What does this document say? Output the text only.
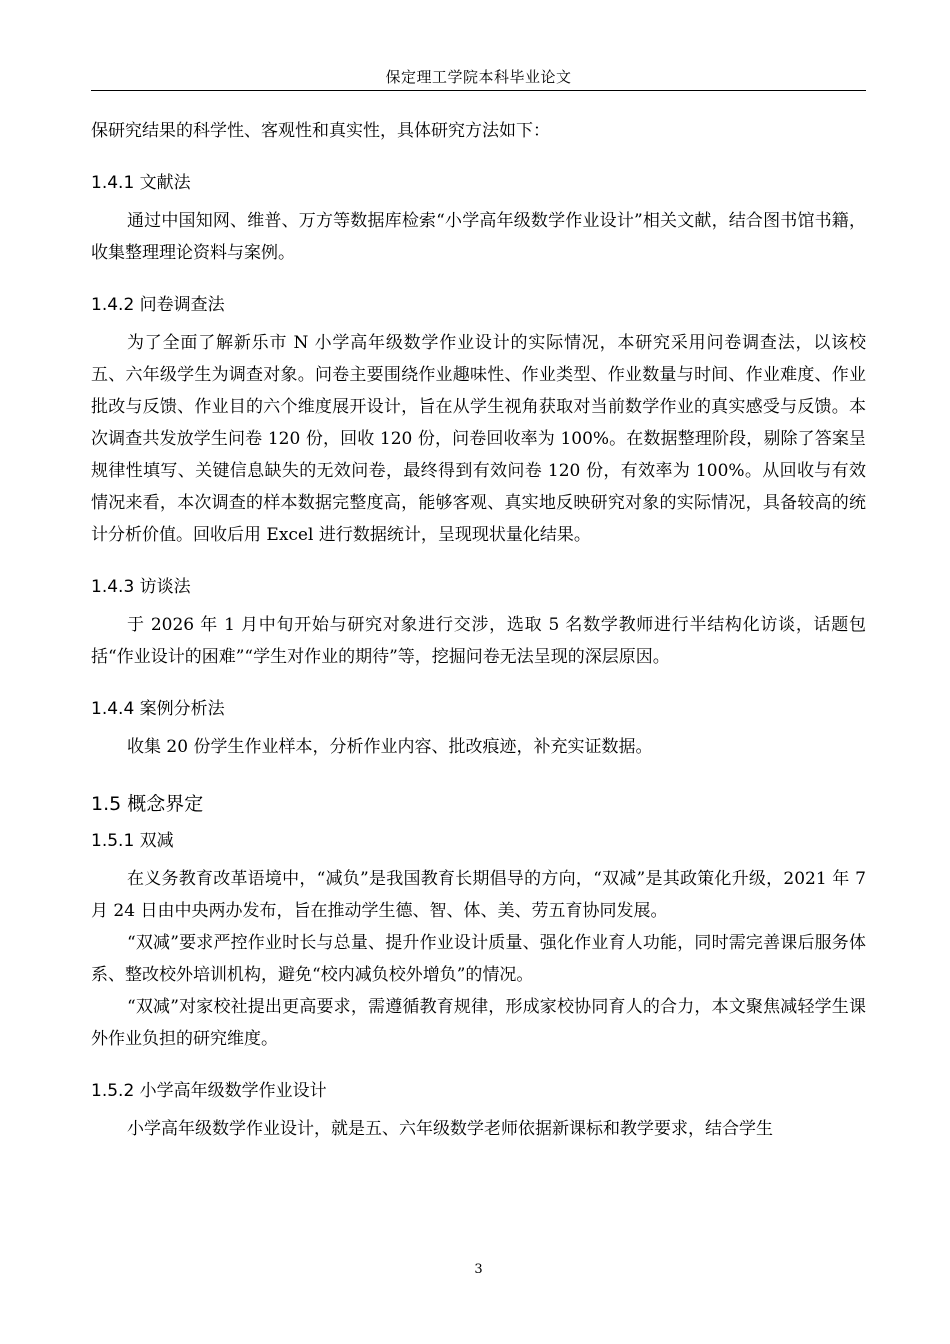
保定理工学院本科毕业论文

保研究结果的科学性、客观性和真实性，具体研究方法如下：

1.4.1 文献法

通过中国知网、维普、万方等数据库检索“小学高年级数学作业设计”相关文献，结合图书馆书籍，收集整理理论资料与案例。

1.4.2 问卷调查法

为了全面了解新乐市 N 小学高年级数学作业设计的实际情况，本研究采用问卷调查法，以该校五、六年级学生为调查对象。问卷主要围绕作业趣味性、作业类型、作业数量与时间、作业难度、作业批改与反馈、作业目的六个维度展开设计，旨在从学生视角获取对当前数学作业的真实感受与反馈。本次调查共发放学生问卷 120 份，回收 120 份，问卷回收率为 100%。在数据整理阶段，剔除了答案呈规律性填写、关键信息缺失的无效问卷，最终得到有效问卷 120 份，有效率为 100%。从回收与有效情况来看，本次调查的样本数据完整度高，能够客观、真实地反映研究对象的实际情况，具备较高的统计分析价值。回收后用 Excel 进行数据统计，呈现现状量化结果。

1.4.3 访谈法

于 2026 年 1 月中旬开始与研究对象进行交涉，选取 5 名数学教师进行半结构化访谈，话题包括“作业设计的困难”“学生对作业的期待”等，挖掘问卷无法呈现的深层原因。

1.4.4 案例分析法

收集 20 份学生作业样本，分析作业内容、批改痕迹，补充实证数据。

1.5 概念界定
1.5.1 双减

在义务教育改革语境中，“减负”是我国教育长期倡导的方向，“双减”是其政策化升级，2021 年 7 月 24 日由中央两办发布，旨在推动学生德、智、体、美、劳五育协同发展。

“双减”要求严控作业时长与总量、提升作业设计质量、强化作业育人功能，同时需完善课后服务体系、整改校外培训机构，避免“校内减负校外增负”的情况。

“双减”对家校社提出更高要求，需遵循教育规律，形成家校协同育人的合力，本文聚焦减轻学生课外作业负担的研究维度。

1.5.2 小学高年级数学作业设计

小学高年级数学作业设计，就是五、六年级数学老师依据新课标和教学要求，结合学生

3
